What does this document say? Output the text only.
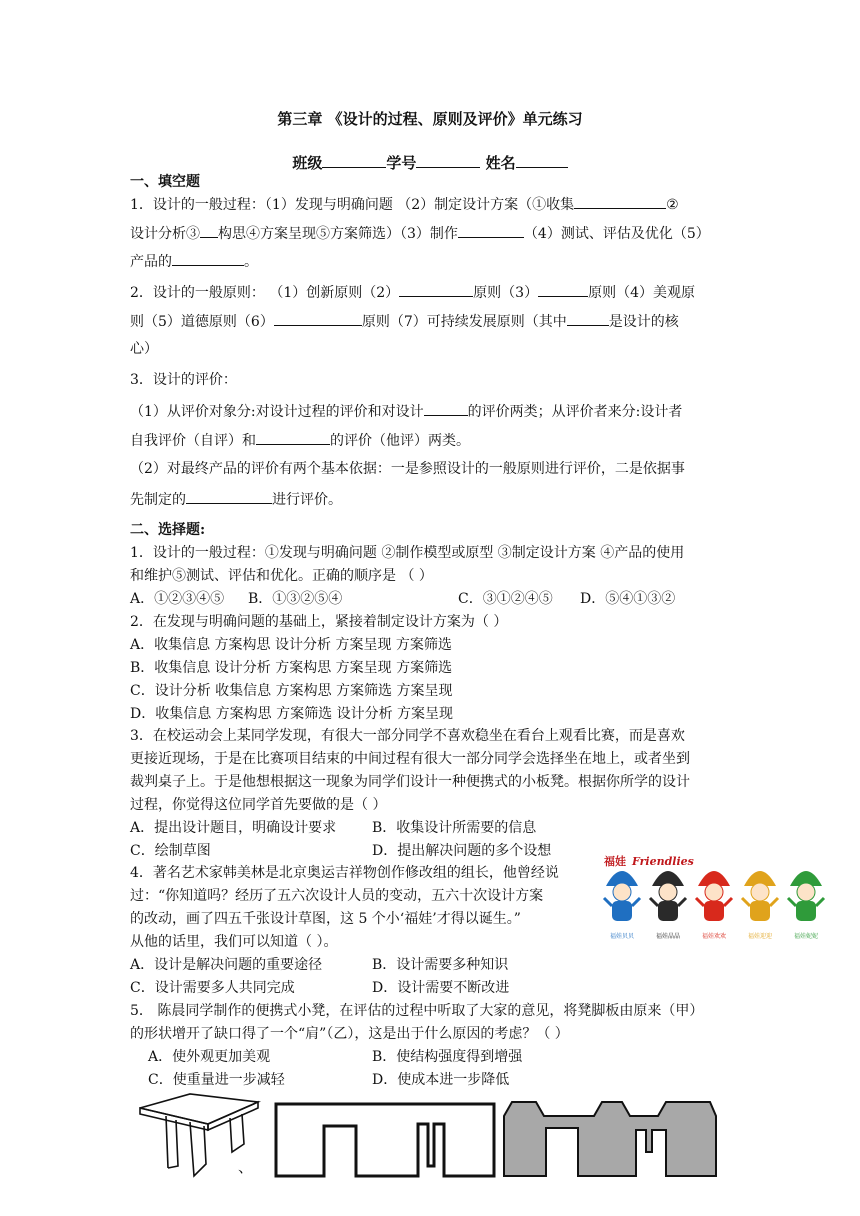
第三章 《设计的过程、原则及评价》单元练习
班级	学号	姓名
一、填空题
1．设计的一般过程：（1）发现与明确问题 （2）制定设计方案（①收集	②
设计分析③ 构思④方案呈现⑤方案筛选）（3）制作	（4）测试、评估及优化（5）
产品的	。
2．设计的一般原则： （1）创新原则（2）	原则（3）	原则（4）美观原
则（5）道德原则（6）	原则（7）可持续发展原则（其中	是设计的核
心）
3．设计的评价：
（1）从评价对象分:对设计过程的评价和对设计	的评价两类；从评价者来分:设计者
自我评价（自评）和	的评价（他评）两类。
（2）对最终产品的评价有两个基本依据：一是参照设计的一般原则进行评价，二是依据事
先制定的	进行评价。
二、选择题:
1．设计的一般过程：①发现与明确问题 ②制作模型或原型 ③制定设计方案 ④产品的使用
和维护⑤测试、评估和优化。正确的顺序是 （ ）
A．①②③④⑤ B．①③②⑤④	C．③①②④⑤ D．⑤④①③②
2．在发现与明确问题的基础上，紧接着制定设计方案为（ ）
A．收集信息 方案构思 设计分析 方案呈现 方案筛选
B．收集信息 设计分析 方案构思 方案呈现 方案筛选
C．设计分析 收集信息 方案构思 方案筛选 方案呈现
D．收集信息 方案构思 方案筛选 设计分析 方案呈现
3．在校运动会上某同学发现，有很大一部分同学不喜欢稳坐在看台上观看比赛，而是喜欢
更接近现场，于是在比赛项目结束的中间过程有很大一部分同学会选择坐在地上，或者坐到
裁判桌子上。于是他想根据这一现象为同学们设计一种便携式的小板凳。根据你所学的设计
过程，你觉得这位同学首先要做的是（ ）
A．提出设计题目，明确设计要求	B．收集设计所需要的信息
C．绘制草图	D．提出解决问题的多个设想
4．著名艺术家韩美林是北京奥运吉祥物创作修改组的组长，他曾经说
过：“你知道吗？经历了五六次设计人员的变动，五六十次设计方案
的改动，画了四五千张设计草图，这 5 个小‘福娃’才得以诞生。”
从他的话里，我们可以知道（ ）。
A．设计是解决问题的重要途径	B．设计需要多种知识
C．设计需要多人共同完成	D．设计需要不断改进
5． 陈晨同学制作的便携式小凳，在评估的过程中听取了大家的意见，将凳脚板由原来（甲）
的形状增开了缺口得了一个“肩”（乙），这是出于什么原因的考虑？（ ）
A．使外观更加美观	B．使结构强度得到增强
C．使重量进一步减轻	D．使成本进一步降低
福娃 Friendlies
福娃贝贝	福娃晶晶	福娃欢欢	福娃迎迎	福娃妮妮
、
